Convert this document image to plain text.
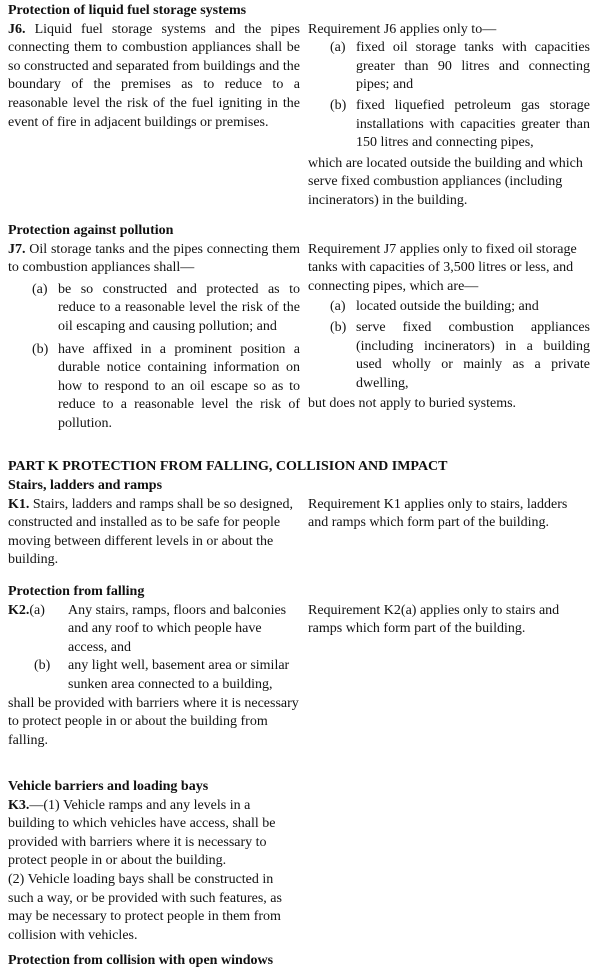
Protection of liquid fuel storage systems

J6. Liquid fuel storage systems and the pipes connecting them to combustion appliances shall be so constructed and separated from buildings and the boundary of the premises as to reduce to a reasonable level the risk of the fuel igniting in the event of fire in adjacent buildings or premises.

Requirement J6 applies only to—

(a) fixed oil storage tanks with capacities greater than 90 litres and connecting pipes; and
(b) fixed liquefied petroleum gas storage installations with capacities greater than 150 litres and connecting pipes,

which are located outside the building and which serve fixed combustion appliances (including incinerators) in the building.

Protection against pollution

J7. Oil storage tanks and the pipes connecting them to combustion appliances shall—

(a) be so constructed and protected as to reduce to a reasonable level the risk of the oil escaping and causing pollution; and
(b) have affixed in a prominent position a durable notice containing information on how to respond to an oil escape so as to reduce to a reasonable level the risk of pollution.

Requirement J7 applies only to fixed oil storage tanks with capacities of 3,500 litres or less, and connecting pipes, which are—

(a) located outside the building; and
(b) serve fixed combustion appliances (including incinerators) in a building used wholly or mainly as a private dwelling,

but does not apply to buried systems.

PART K PROTECTION FROM FALLING, COLLISION AND IMPACT

Stairs, ladders and ramps

K1. Stairs, ladders and ramps shall be so designed, constructed and installed as to be safe for people moving between different levels in or about the building.

Requirement K1 applies only to stairs, ladders and ramps which form part of the building.

Protection from falling

K2.(a)	Any stairs, ramps, floors and balconies and any roof to which people have access, and
(b)	any light well, basement area or similar sunken area connected to a building,

shall be provided with barriers where it is necessary to protect people in or about the building from falling.

Requirement K2(a) applies only to stairs and ramps which form part of the building.

Vehicle barriers and loading bays

K3.—(1) Vehicle ramps and any levels in a building to which vehicles have access, shall be provided with barriers where it is necessary to protect people in or about the building.

(2) Vehicle loading bays shall be constructed in such a way, or be provided with such features, as may be necessary to protect people in them from collision with vehicles.

Protection from collision with open windows
